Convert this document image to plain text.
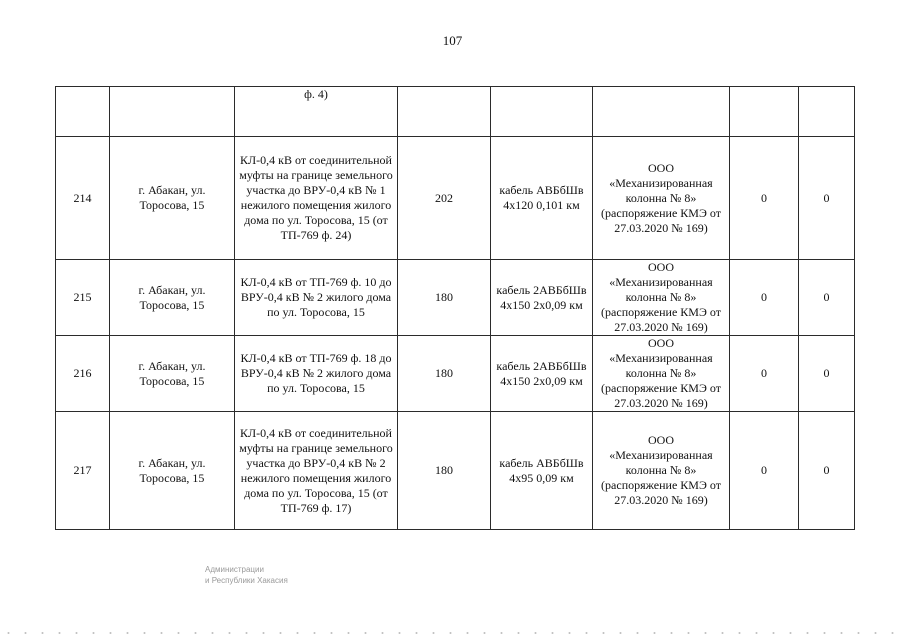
107
		ф. 4)					
214	г. Абакан, ул. Торосова, 15	КЛ-0,4 кВ от соединительной муфты на границе земельного участка до ВРУ-0,4 кВ № 1 нежилого помещения жилого дома по ул. Торосова, 15 (от ТП-769 ф. 24)	202	кабель АВБбШв 4х120 0,101 км	ООО «Механизированная колонна № 8» (распоряжение КМЭ от 27.03.2020 № 169)	0	0
215	г. Абакан, ул. Торосова, 15	КЛ-0,4 кВ от ТП-769 ф. 10 до ВРУ-0,4 кВ № 2 жилого дома по ул. Торосова, 15	180	кабель 2АВБбШв 4х150 2х0,09 км	ООО «Механизированная колонна № 8» (распоряжение КМЭ от 27.03.2020 № 169)	0	0
216	г. Абакан, ул. Торосова, 15	КЛ-0,4 кВ от ТП-769 ф. 18 до ВРУ-0,4 кВ № 2 жилого дома по ул. Торосова, 15	180	кабель 2АВБбШв 4х150 2х0,09 км	ООО «Механизированная колонна № 8» (распоряжение КМЭ от 27.03.2020 № 169)	0	0
217	г. Абакан, ул. Торосова, 15	КЛ-0,4 кВ от соединительной муфты на границе земельного участка до ВРУ-0,4 кВ № 2 нежилого помещения жилого дома по ул. Торосова, 15 (от ТП-769 ф. 17)	180	кабель АВБбШв 4х95 0,09 км	ООО «Механизированная колонна № 8» (распоряжение КМЭ от 27.03.2020 № 169)	0	0
Администрации
и Республики Хакасия
